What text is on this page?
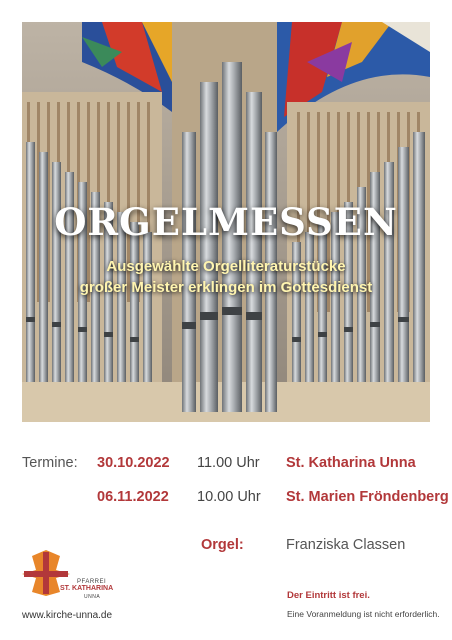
ORGELMESSEN
Ausgewählte Orgelliteraturstücke
großer Meister erklingen im Gottesdienst
Termine: 30.10.2022 11.00 Uhr St. Katharina Unna
06.11.2022 10.00 Uhr St. Marien Fröndenberg
Orgel:	Franziska Classen
PFARREI
ST. KATHARINA
UNNA
www.kirche-unna.de
Der Eintritt ist frei.
Eine Voranmeldung ist nicht erforderlich.
